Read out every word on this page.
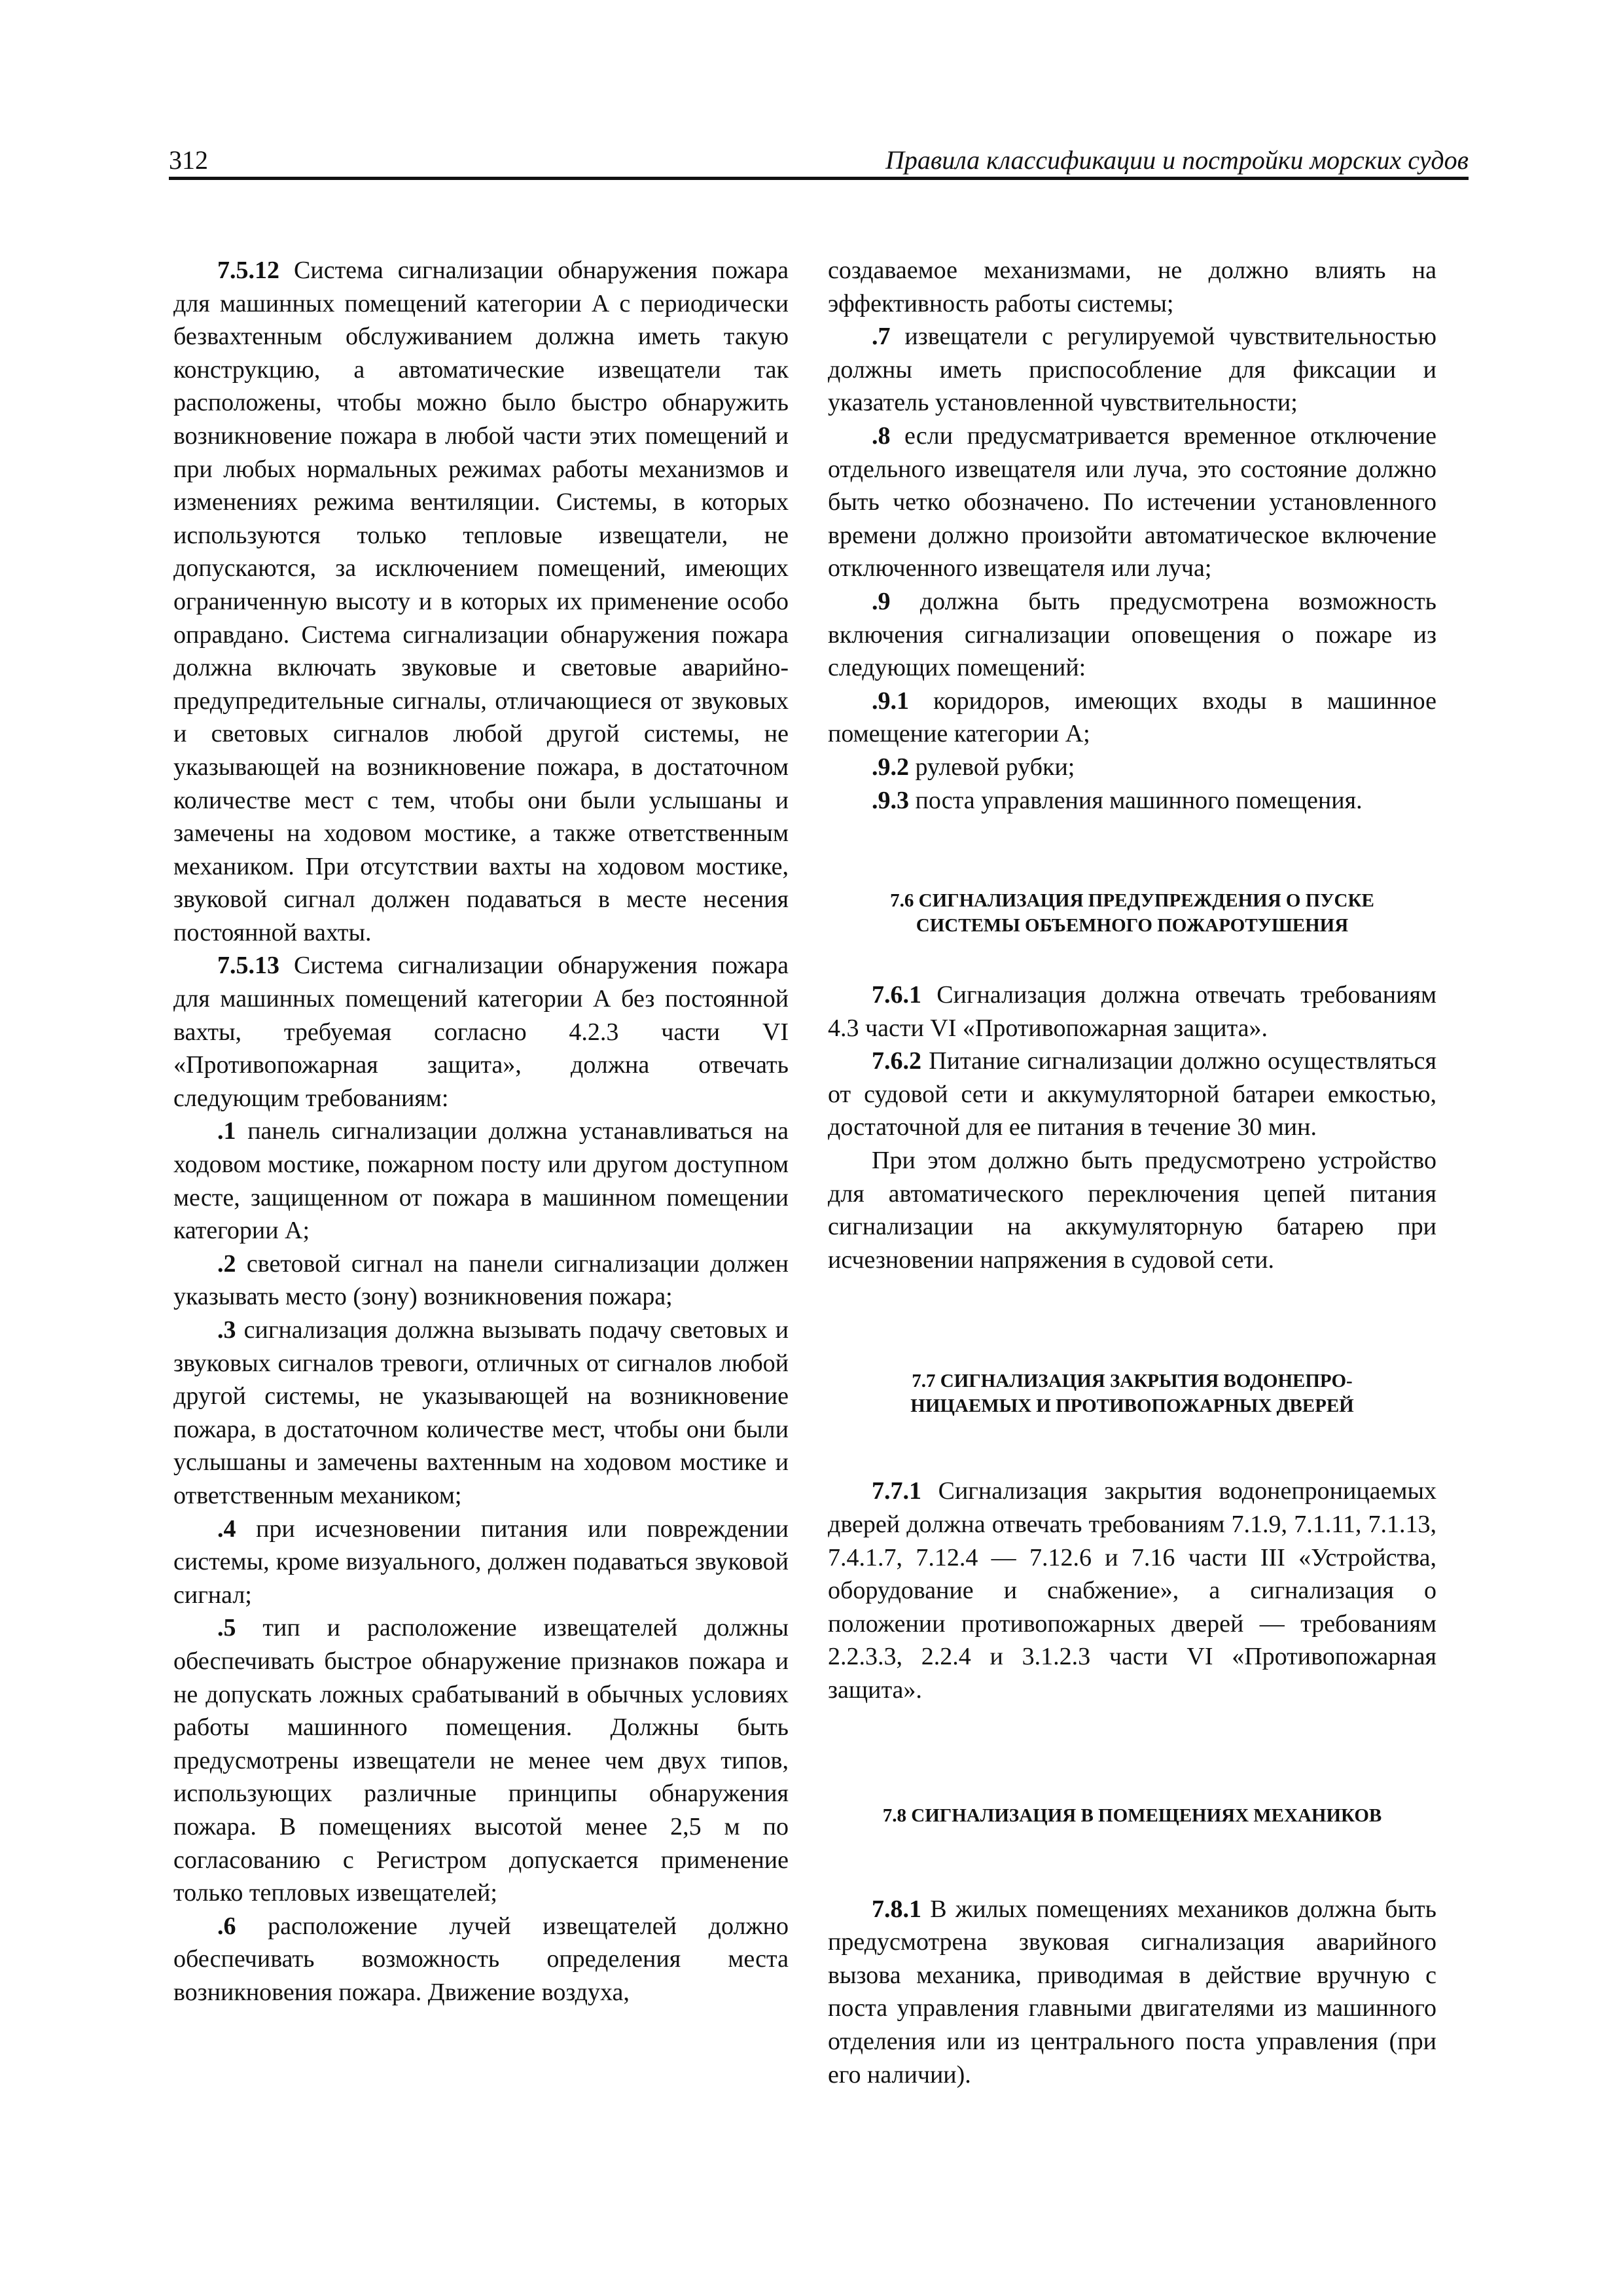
312	Правила классификации и постройки морских судов

7.5.12 Система сигнализации обнаружения пожара для машинных помещений категории А с периодически безвахтенным обслуживанием должна иметь такую конструкцию, а автоматические извещатели так расположены, чтобы можно было быстро обнаружить возникновение пожара в любой части этих помещений и при любых нормальных режимах работы механизмов и изменениях режима вентиляции. Системы, в которых используются только тепловые извещатели, не допускаются, за исключением помещений, имеющих ограниченную высоту и в которых их применение особо оправдано. Система сигнализации обнаружения пожара должна включать звуковые и световые аварийно-предупредительные сигналы, отличающиеся от звуковых и световых сигналов любой другой системы, не указывающей на возникновение пожара, в достаточном количестве мест с тем, чтобы они были услышаны и замечены на ходовом мостике, а также ответственным механиком. При отсутствии вахты на ходовом мостике, звуковой сигнал должен подаваться в месте несения постоянной вахты.

7.5.13 Система сигнализации обнаружения пожара для машинных помещений категории А без постоянной вахты, требуемая согласно 4.2.3 части VI «Противопожарная защита», должна отвечать следующим требованиям:

.1 панель сигнализации должна устанавливаться на ходовом мостике, пожарном посту или другом доступном месте, защищенном от пожара в машинном помещении категории А;

.2 световой сигнал на панели сигнализации должен указывать место (зону) возникновения пожара;

.3 сигнализация должна вызывать подачу световых и звуковых сигналов тревоги, отличных от сигналов любой другой системы, не указывающей на возникновение пожара, в достаточном количестве мест, чтобы они были услышаны и замечены вахтенным на ходовом мостике и ответственным механиком;

.4 при исчезновении питания или повреждении системы, кроме визуального, должен подаваться звуковой сигнал;

.5 тип и расположение извещателей должны обеспечивать быстрое обнаружение признаков пожара и не допускать ложных срабатываний в обычных условиях работы машинного помещения. Должны быть предусмотрены извещатели не менее чем двух типов, использующих различные принципы обнаружения пожара. В помещениях высотой менее 2,5 м по согласованию с Регистром допускается применение только тепловых извещателей;

.6 расположение лучей извещателей должно обеспечивать возможность определения места возникновения пожара. Движение воздуха,

создаваемое механизмами, не должно влиять на эффективность работы системы;

.7 извещатели с регулируемой чувствительностью должны иметь приспособление для фиксации и указатель установленной чувствительности;

.8 если предусматривается временное отключение отдельного извещателя или луча, это состояние должно быть четко обозначено. По истечении установленного времени должно произойти автоматическое включение отключенного извещателя или луча;

.9 должна быть предусмотрена возможность включения сигнализации оповещения о пожаре из следующих помещений:

.9.1 коридоров, имеющих входы в машинное помещение категории А;

.9.2 рулевой рубки;

.9.3 поста управления машинного помещения.

7.6 СИГНАЛИЗАЦИЯ ПРЕДУПРЕЖДЕНИЯ О ПУСКЕ
СИСТЕМЫ ОБЪЕМНОГО ПОЖАРОТУШЕНИЯ

7.6.1 Сигнализация должна отвечать требованиям 4.3 части VI «Противопожарная защита».

7.6.2 Питание сигнализации должно осуществляться от судовой сети и аккумуляторной батареи емкостью, достаточной для ее питания в течение 30 мин.

При этом должно быть предусмотрено устройство для автоматического переключения цепей питания сигнализации на аккумуляторную батарею при исчезновении напряжения в судовой сети.

7.7 СИГНАЛИЗАЦИЯ ЗАКРЫТИЯ ВОДОНЕПРО-
НИЦАЕМЫХ И ПРОТИВОПОЖАРНЫХ ДВЕРЕЙ

7.7.1 Сигнализация закрытия водонепроницаемых дверей должна отвечать требованиям 7.1.9, 7.1.11, 7.1.13, 7.4.1.7, 7.12.4 — 7.12.6 и 7.16 части III «Устройства, оборудование и снабжение», а сигнализация о положении противопожарных дверей — требованиям 2.2.3.3, 2.2.4 и 3.1.2.3 части VI «Противопожарная защита».

7.8 СИГНАЛИЗАЦИЯ В ПОМЕЩЕНИЯХ МЕХАНИКОВ

7.8.1 В жилых помещениях механиков должна быть предусмотрена звуковая сигнализация аварийного вызова механика, приводимая в действие вручную с поста управления главными двигателями из машинного отделения или из центрального поста управления (при его наличии).
